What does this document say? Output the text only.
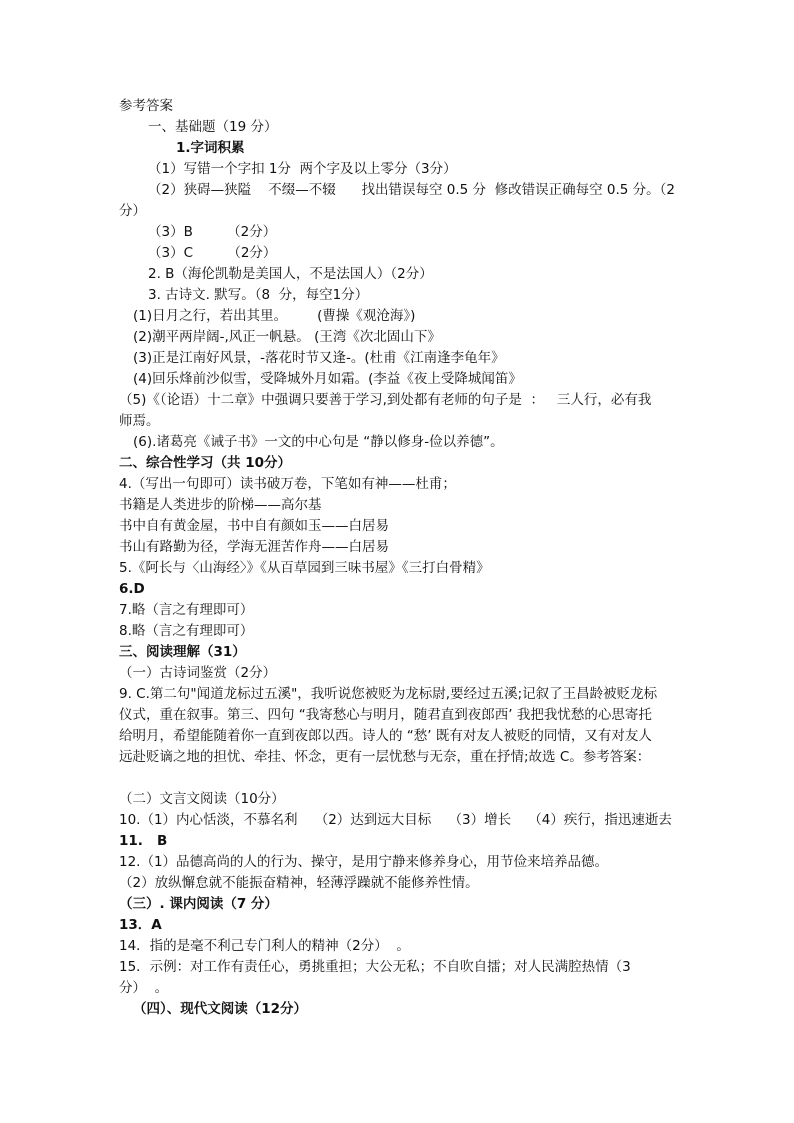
参考答案
一、基础题（19 分）
1.字词积累
（1）写错一个字扣 1分  两个字及以上零分（3分）
（2）狭碍—狭隘    不缀—不辍      找出错误每空 0.5 分  修改错误正确每空 0.5 分。（2
分）
（3）B        （2分）
（3）C        （2分）
2. B（海伦凯勒是美国人，不是法国人）（2分）
3. 古诗文. 默写。（8  分，每空1分）
(1)日月之行，若出其里。       (曹操《观沧海》)
(2)潮平两岸阔-,风正一帆悬。 (王湾《次北固山下》
(3)正是江南好风景，-落花时节又逢-。(杜甫《江南逢李龟年》
(4)回乐烽前沙似雪，受降城外月如霜。(李益《夜上受降城闻笛》
（5)《（论语）十二章》中强调只要善于学习,到处都有老师的句子是  ：   三人行，必有我
师焉。
(6).诸葛亮《诫子书》一文的中心句是 “静以修身-俭以养德”。
二、综合性学习（共 10分）
4.（写出一句即可）读书破万卷，下笔如有神——杜甫；
书籍是人类进步的阶梯——高尔基
书中自有黄金屋，书中自有颜如玉——白居易
书山有路勤为径，学海无涯苦作舟——白居易
5.《阿长与〈山海经〉》《从百草园到三味书屋》《三打白骨精》
6.D
7.略（言之有理即可）
8.略（言之有理即可）
三、阅读理解（31）
（一）古诗词鉴赏（2分）
9. C.第二句"闻道龙标过五溪"，我听说您被贬为龙标尉,要经过五溪;记叙了王昌龄被贬龙标
仪式，重在叙事。第三、四句 “我寄愁心与明月，随君直到夜郎西’ 我把我忧愁的心思寄托
给明月，希望能随着你一直到夜郎以西。诗人的 “愁’ 既有对友人被贬的同情，又有对友人
远赴贬谪之地的担忧、牵挂、怀念，更有一层忧愁与无奈，重在抒情;故选 C。参考答案：
（二）文言文阅读（10分）
10.（1）内心恬淡，不慕名利    （2）达到远大目标    （3）增长    （4）疾行，指迅速逝去
11.   B
12.（1）品德高尚的人的行为、操守，是用宁静来修养身心，用节俭来培养品德。
（2）放纵懈怠就不能振奋精神，轻薄浮躁就不能修养性情。
（三）. 课内阅读（7 分）
13．A
14．指的是毫不利己专门利人的精神（2分）  。
15．示例：对工作有责任心，勇挑重担；大公无私；不自吹自擂；对人民满腔热情（3
分）  。
（四）、现代文阅读（12分）
